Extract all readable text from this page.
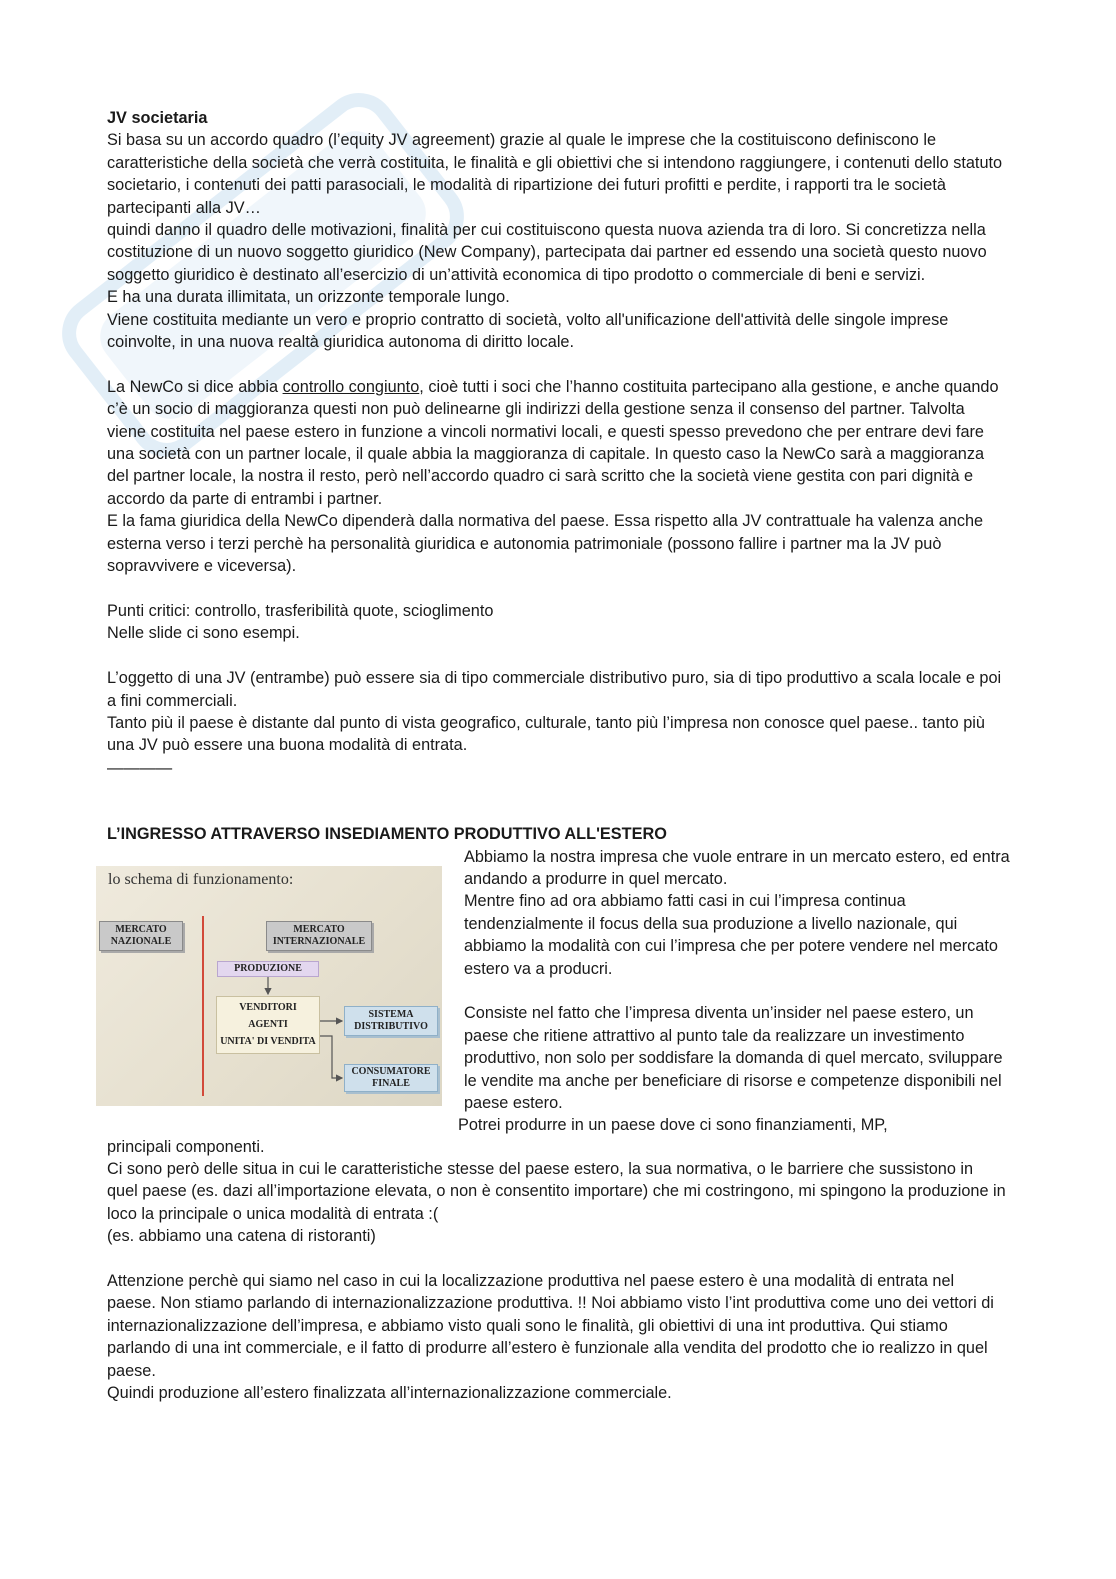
JV societaria

Si basa su un accordo quadro (l’equity JV agreement) grazie al quale le imprese che la costituiscono definiscono le caratteristiche della società che verrà costituita, le finalità e gli obiettivi che si intendono raggiungere, i contenuti dello statuto societario, i contenuti dei patti parasociali, le modalità di ripartizione dei futuri profitti e perdite, i rapporti tra le società partecipanti alla JV…

quindi danno il quadro delle motivazioni, finalità per cui costituiscono questa nuova azienda tra di loro. Si concretizza nella costituzione di un nuovo soggetto giuridico (New Company), partecipata dai partner ed essendo una società questo nuovo soggetto giuridico è destinato all’esercizio di un’attività economica di tipo prodotto o commerciale di beni e servizi.

E ha una durata illimitata, un orizzonte temporale lungo.

Viene costituita mediante un vero e proprio contratto di società, volto all'unificazione dell'attività delle singole imprese coinvolte, in una nuova realtà giuridica autonoma di diritto locale.

La NewCo si dice abbia controllo congiunto, cioè tutti i soci che l’hanno costituita partecipano alla gestione, e anche quando c’è un socio di maggioranza questi non può delinearne gli indirizzi della gestione senza il consenso del partner. Talvolta viene costituita nel paese estero in funzione a vincoli normativi locali, e questi spesso prevedono che per entrare devi fare una società con un partner locale, il quale abbia la maggioranza di capitale. In questo caso la NewCo sarà a maggioranza del partner locale, la nostra il resto, però nell’accordo quadro ci sarà scritto che la società viene gestita con pari dignità e accordo da parte di entrambi i partner.

E la fama giuridica della NewCo dipenderà dalla normativa del paese. Essa rispetto alla JV contrattuale ha valenza anche esterna verso i terzi perchè ha personalità giuridica e autonomia patrimoniale (possono fallire i partner ma la JV può sopravvivere e viceversa).

Punti critici: controllo, trasferibilità quote, scioglimento

Nelle slide ci sono esempi.

L’oggetto di una JV (entrambe) può essere sia di tipo commerciale distributivo puro, sia di tipo produttivo a scala locale e poi a fini commerciali.

Tanto più il paese è distante dal punto di vista geografico, culturale, tanto più l’impresa non conosce quel paese.. tanto più una JV può essere una buona modalità di entrata.

————

L’INGRESSO ATTRAVERSO INSEDIAMENTO PRODUTTIVO ALL'ESTERO

lo schema di funzionamento:
MERCATO NAZIONALE
MERCATO INTERNAZIONALE
PRODUZIONE
VENDITORI
AGENTI
UNITA' DI VENDITA
SISTEMA DISTRIBUTIVO
CONSUMATORE FINALE

Abbiamo la nostra impresa che vuole entrare in un mercato estero, ed entra andando a produrre in quel mercato.

Mentre fino ad ora abbiamo fatti casi in cui l’impresa continua tendenzialmente il focus della sua produzione a livello nazionale, qui abbiamo la modalità con cui l’impresa che per potere vendere nel mercato estero va a producri.

Consiste nel fatto che l’impresa diventa un’insider nel paese estero, un paese che ritiene attrattivo al punto tale da realizzare un investimento produttivo, non solo per soddisfare la domanda di quel mercato, sviluppare le vendite ma anche per beneficiare di risorse e competenze disponibili nel paese estero.

Potrei produrre in un paese dove ci sono finanziamenti, MP,

principali componenti.

Ci sono però delle situa in cui le caratteristiche stesse del paese estero, la sua normativa, o le barriere che sussistono in quel paese (es. dazi all’importazione elevata, o non è consentito importare) che mi costringono, mi spingono la produzione in loco la principale o unica modalità di entrata :(

(es. abbiamo una catena di ristoranti)

Attenzione perchè qui siamo nel caso in cui la localizzazione produttiva nel paese estero è una modalità di entrata nel paese. Non stiamo parlando di internazionalizzazione produttiva. !! Noi abbiamo visto l’int produttiva come uno dei vettori di internazionalizzazione dell’impresa, e abbiamo visto quali sono le finalità, gli obiettivi di una int produttiva. Qui stiamo parlando di una int commerciale, e il fatto di produrre all’estero è funzionale alla vendita del prodotto che io realizzo in quel paese.

Quindi produzione all’estero finalizzata all’internazionalizzazione commerciale.
